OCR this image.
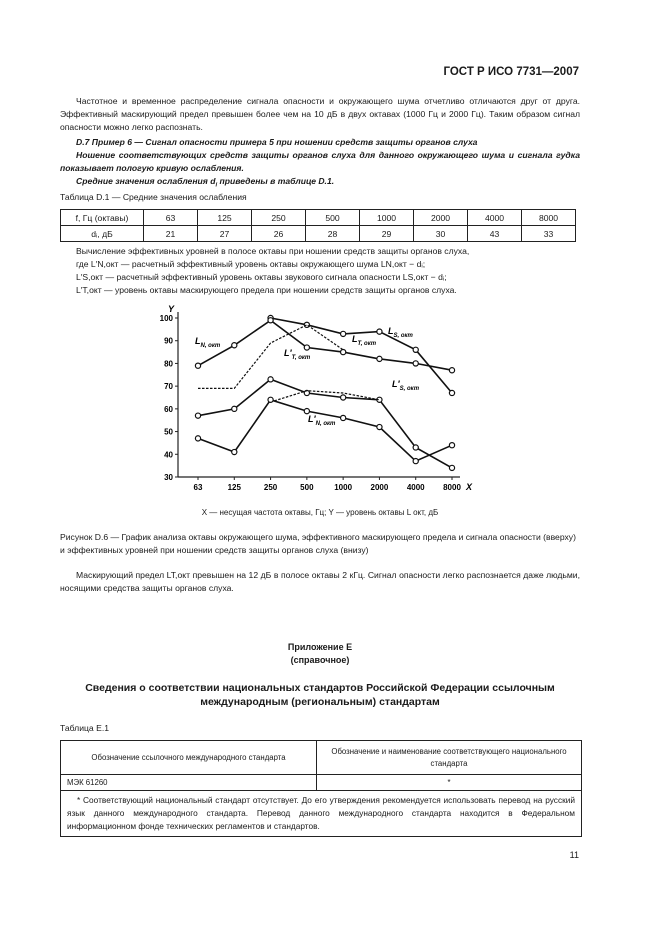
ГОСТ Р ИСО 7731—2007
Частотное и временное распределение сигнала опасности и окружающего шума отчетливо отличаются друг от друга. Эффективный маскирующий предел превышен более чем на 10 дБ в двух октавах (1000 Гц и 2000 Гц). Таким образом сигнал опасности можно легко распознать.
D.7 Пример 6 — Сигнал опасности примера 5 при ношении средств защиты органов слуха
Ношение соответствующих средств защиты органов слуха для данного окружающего шума и сигнала гудка показывает пологую кривую ослабления.
Средние значения ослабления $d_i$ приведены в таблице D.1.
Таблица D.1 — Средние значения ослабления
f, Гц (октавы)	63	125	250	500	1000	2000	4000	8000
dᵢ, дБ	21	27	26	28	29	30	43	33
Вычисление эффективных уровней в полосе октавы при ношении средств защиты органов слуха,
где L′N,окт — расчетный эффективный уровень октавы окружающего шума LN,окт − dᵢ;
L′S,окт — расчетный эффективный уровень октавы звукового сигнала опасности LS,окт − dᵢ;
L′T,окт — уровень октавы маскирующего предела при ношении средств защиты органов слуха.
30
40
50
60
70
80
90
100
63	125	250	500	1000 2000 4000 8000
Y
X
$L_{N, окт}$
$L_{T, окт}$
$L_{S, окт}$
$L'_{T, окт}$
$L'_{S, окт}$
$L'_{N, окт}$
X — несущая частота октавы, Гц; Y — уровень октавы L окт, дБ
Рисунок D.6 — График анализа октавы окружающего шума, эффективного маскирующего предела и сигнала опасности (вверху) и эффективных уровней при ношении средств защиты органов слуха (внизу)
Маскирующий предел LT,окт превышен на 12 дБ в полосе октавы 2 кГц. Сигнал опасности легко распознается даже людьми, носящими средства защиты органов слуха.
Приложение Е
(справочное)
Сведения о соответствии национальных стандартов Российской Федерации ссылочным международным (региональным) стандартам
Таблица Е.1
Обозначение ссылочного международного стандарта	Обозначение и наименование соответствующего национального стандарта
МЭК 61260	*
* Соответствующий национальный стандарт отсутствует. До его утверждения рекомендуется использовать перевод на русский язык данного международного стандарта. Перевод данного международного стандарта находится в Федеральном информационном фонде технических регламентов и стандартов.	
11
